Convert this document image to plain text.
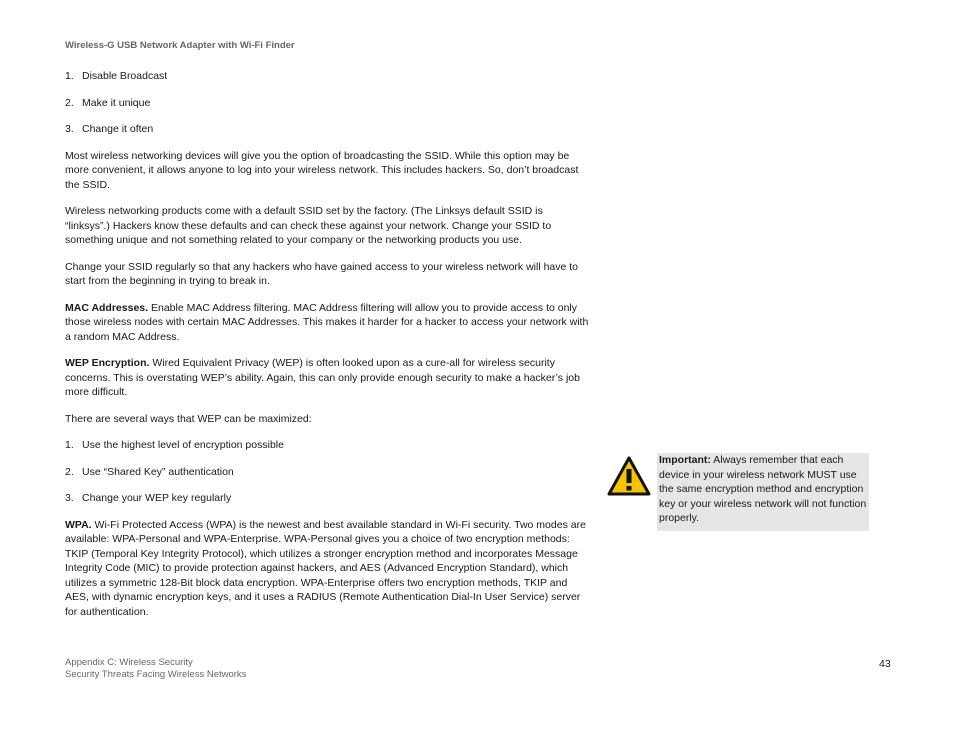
Wireless-G USB Network Adapter with Wi-Fi Finder
1. Disable Broadcast
2. Make it unique
3. Change it often
Most wireless networking devices will give you the option of broadcasting the SSID. While this option may be more convenient, it allows anyone to log into your wireless network. This includes hackers. So, don’t broadcast the SSID.
Wireless networking products come with a default SSID set by the factory. (The Linksys default SSID is “linksys”.) Hackers know these defaults and can check these against your network. Change your SSID to something unique and not something related to your company or the networking products you use.
Change your SSID regularly so that any hackers who have gained access to your wireless network will have to start from the beginning in trying to break in.
MAC Addresses. Enable MAC Address filtering. MAC Address filtering will allow you to provide access to only those wireless nodes with certain MAC Addresses. This makes it harder for a hacker to access your network with a random MAC Address.
WEP Encryption. Wired Equivalent Privacy (WEP) is often looked upon as a cure-all for wireless security concerns. This is overstating WEP’s ability. Again, this can only provide enough security to make a hacker’s job more difficult.
There are several ways that WEP can be maximized:
1. Use the highest level of encryption possible
2. Use “Shared Key” authentication
3. Change your WEP key regularly
WPA. Wi-Fi Protected Access (WPA) is the newest and best available standard in Wi-Fi security. Two modes are available: WPA-Personal and WPA-Enterprise. WPA-Personal gives you a choice of two encryption methods: TKIP (Temporal Key Integrity Protocol), which utilizes a stronger encryption method and incorporates Message Integrity Code (MIC) to provide protection against hackers, and AES (Advanced Encryption Standard), which utilizes a symmetric 128-Bit block data encryption. WPA-Enterprise offers two encryption methods, TKIP and AES, with dynamic encryption keys, and it uses a RADIUS (Remote Authentication Dial-In User Service) server for authentication.
Important: Always remember that each device in your wireless network MUST use the same encryption method and encryption key or your wireless network will not function properly.
Appendix C: Wireless Security
Security Threats Facing Wireless Networks
43
